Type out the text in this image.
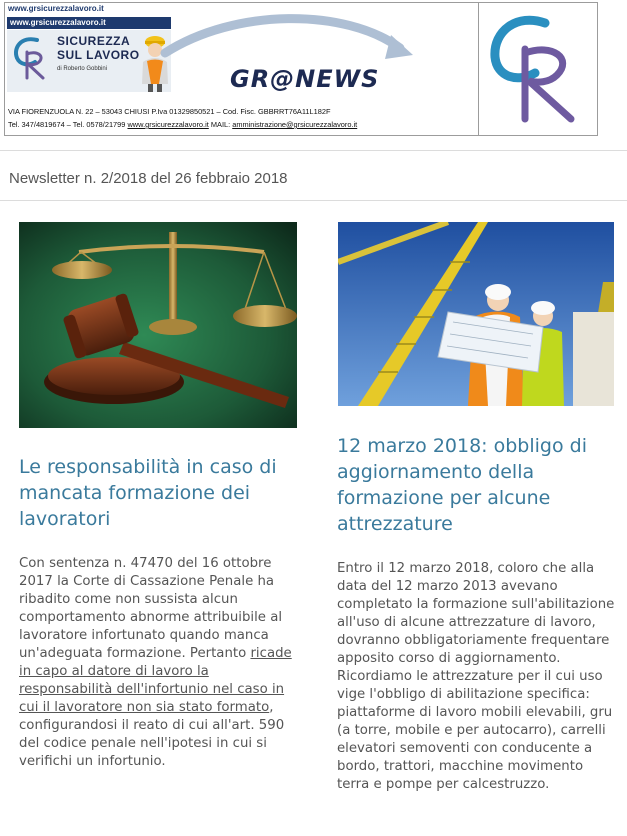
www.grsicurezzalavoro.it
www.grsicurezzalavoro.it
SICUREZZA
SUL LAVORO
di Roberto Gobbini	GR@NEWS
VIA FIORENZUOLA N. 22 – 53043 CHIUSI P.Iva 01329850521 – Cod. Fisc. GBBRRT76A11L182F
Tel. 347/4819674 – Tel. 0578/21799 www.grsicurezzalavoro.it MAIL: amministrazione@grsicurezzalavoro.it	CR
Newsletter n. 2/2018 del 26 febbraio 2018
Le responsabilità in caso di mancata formazione dei lavoratori
Con sentenza n. 47470 del 16 ottobre 2017 la Corte di Cassazione Penale ha ribadito come non sussista alcun comportamento abnorme attribuibile al lavoratore infortunato quando manca un'adeguata formazione. Pertanto ricade in capo al datore di lavoro la responsabilità dell'infortunio nel caso in cui il lavoratore non sia stato formato, configurandosi il reato di cui all'art. 590 del codice penale nell'ipotesi in cui si verifichi un infortunio.
12 marzo 2018: obbligo di aggiornamento della formazione per alcune attrezzature
Entro il 12 marzo 2018, coloro che alla data del 12 marzo 2013 avevano completato la formazione sull'abilitazione all'uso di alcune attrezzature di lavoro, dovranno obbligatoriamente frequentare apposito corso di aggiornamento. Ricordiamo le attrezzature per il cui uso vige l'obbligo di abilitazione specifica: piattaforme di lavoro mobili elevabili, gru (a torre, mobile e per autocarro), carrelli elevatori semoventi con conducente a bordo, trattori, macchine movimento terra e pompe per calcestruzzo.
